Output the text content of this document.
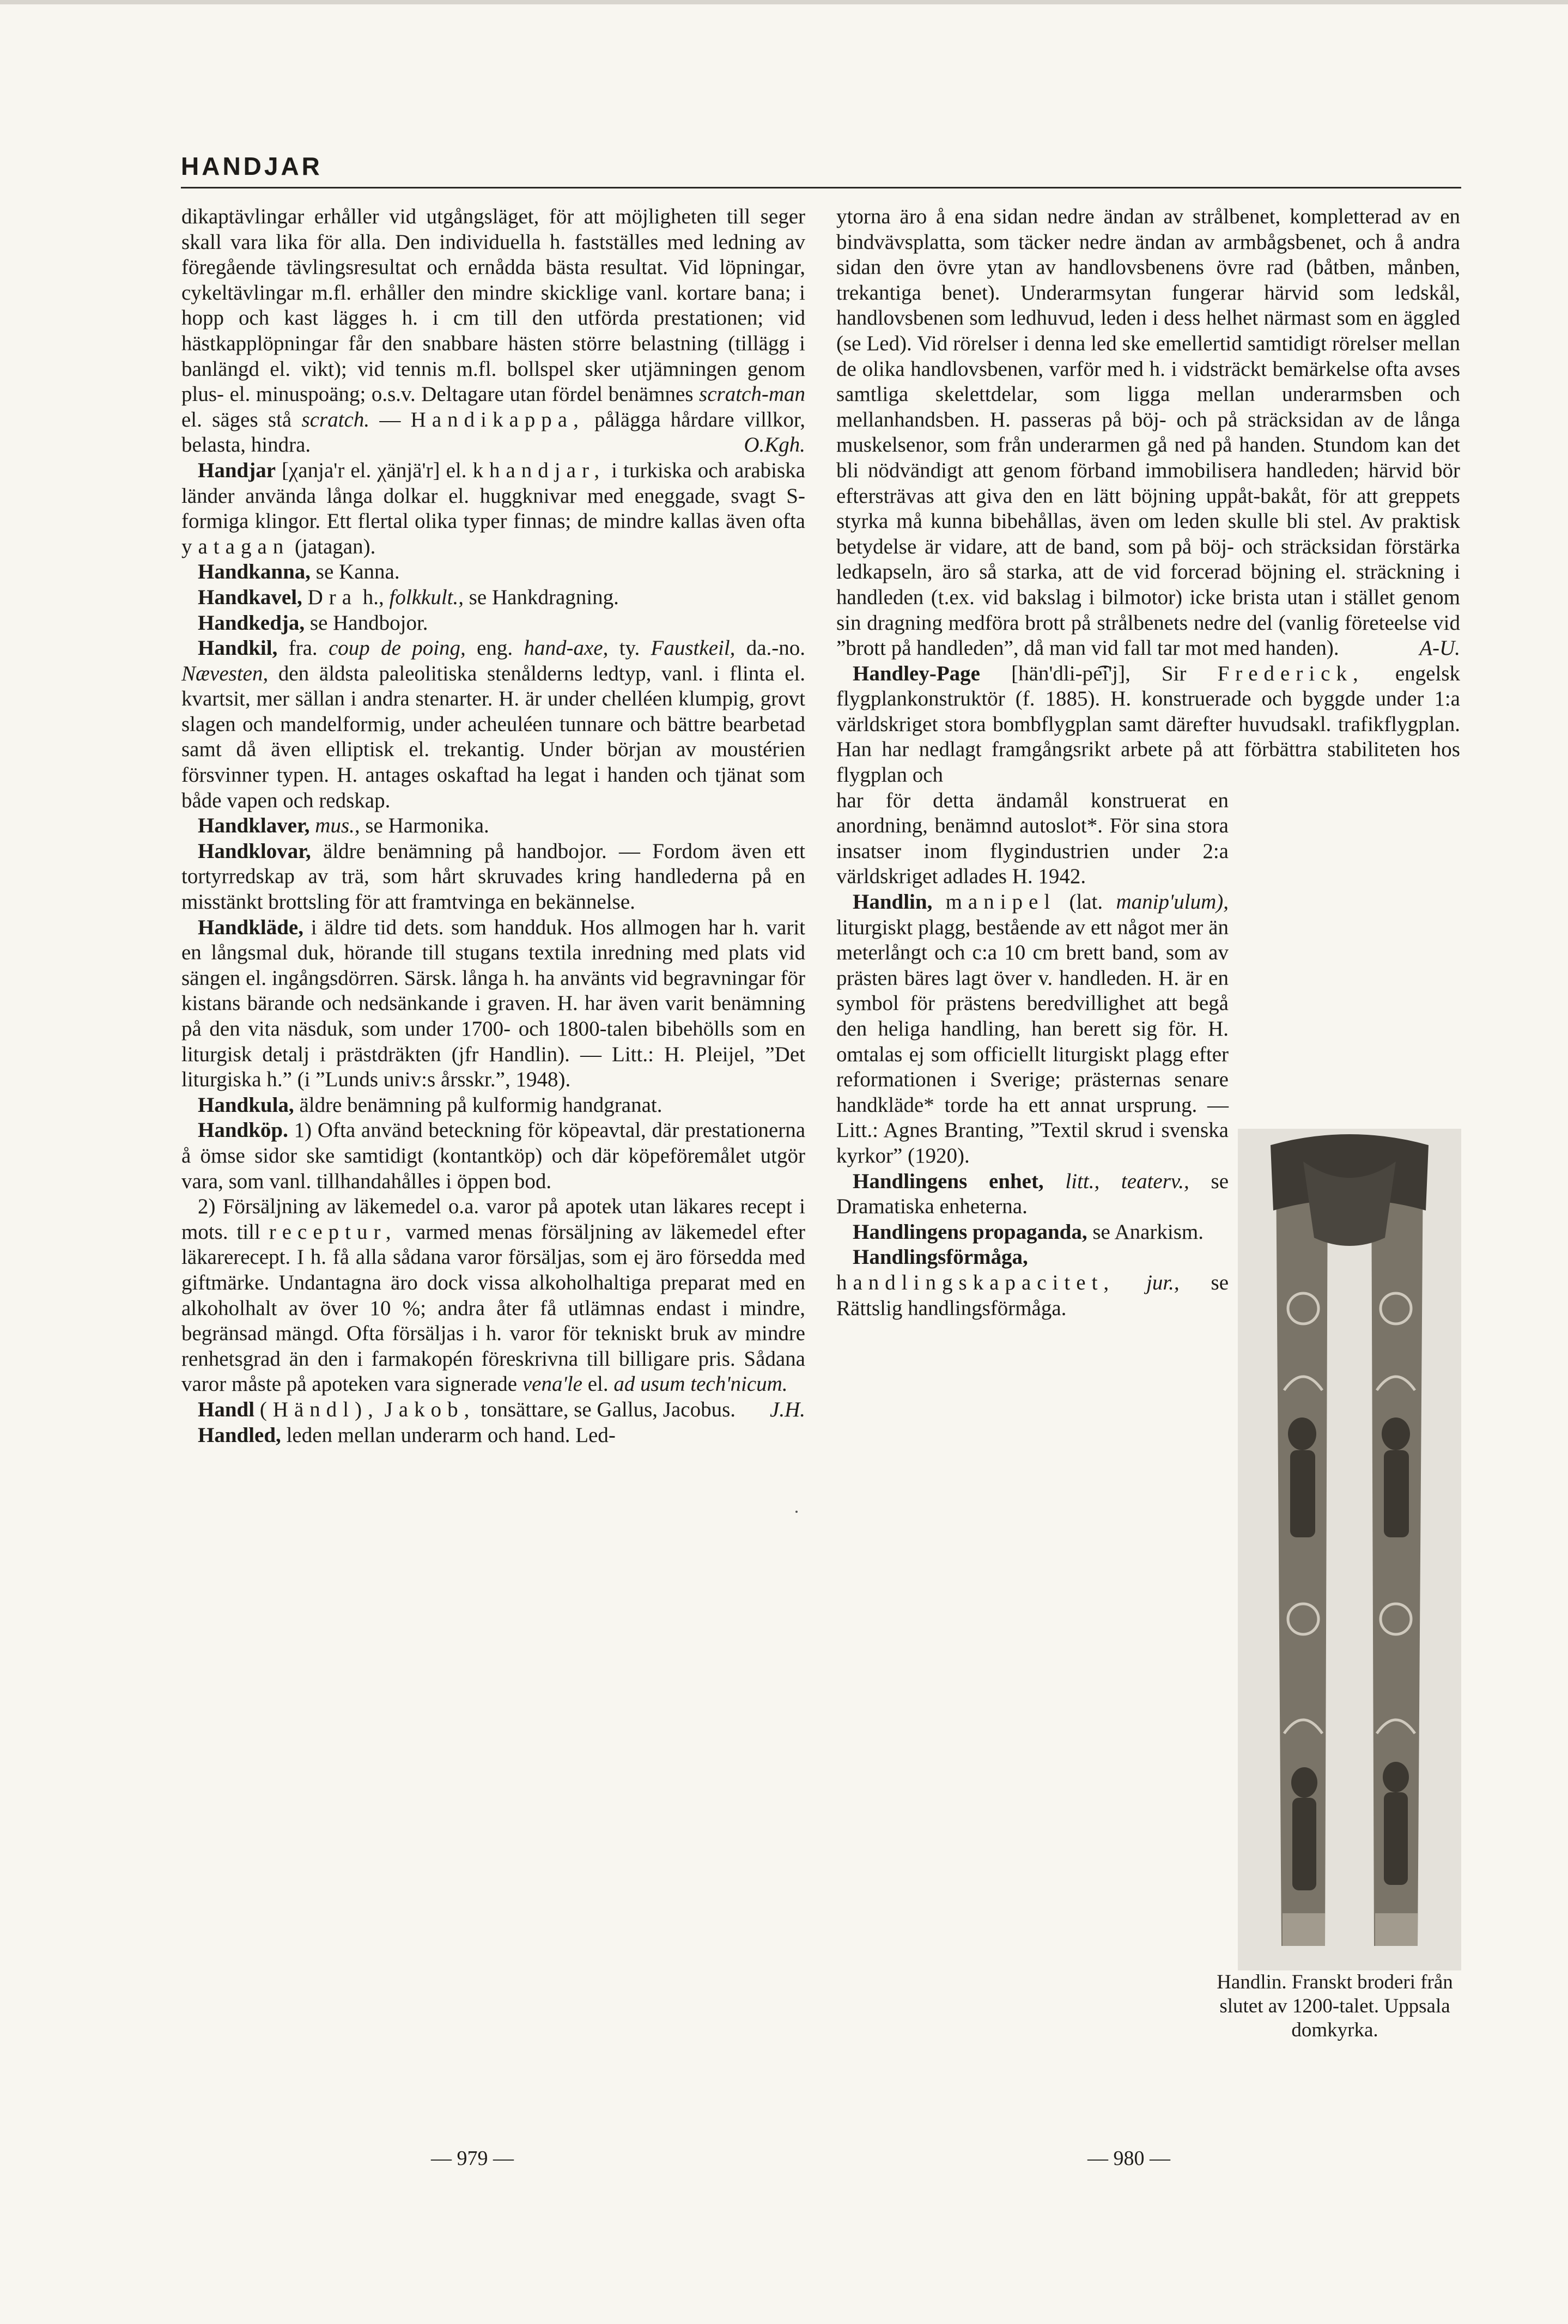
HANDJAR

dikaptävlingar erhåller vid utgångsläget, för att möjligheten till seger skall vara lika för alla. Den individuella h. fastställes med ledning av föregående tävlingsresultat och ernådda bästa resultat. Vid löpningar, cykeltävlingar m.fl. erhåller den mindre skicklige vanl. kortare bana; i hopp och kast lägges h. i cm till den utförda prestationen; vid hästkapplöpningar får den snabbare hästen större belastning (tillägg i banlängd el. vikt); vid tennis m.fl. bollspel sker utjämningen genom plus- el. minuspoäng; o.s.v. Deltagare utan fördel benämnes scratch-man el. säges stå scratch. — Handikappa, pålägga hårdare villkor, belasta, hindra.	O.Kgh.

Handjar [χanja'r el. χänjä'r] el. khandjar, i turkiska och arabiska länder använda långa dolkar el. huggknivar med eneggade, svagt S-formiga klingor. Ett flertal olika typer finnas; de mindre kallas även ofta yatagan (jatagan).

Handkanna, se Kanna.

Handkavel, Dra h., folkkult., se Hankdragning.

Handkedja, se Handbojor.

Handkil, fra. coup de poing, eng. hand-axe, ty. Faustkeil, da.-no. Nævesten, den äldsta paleolitiska stenålderns ledtyp, vanl. i flinta el. kvartsit, mer sällan i andra stenarter. H. är under chelléen klumpig, grovt slagen och mandelformig, under acheuléen tunnare och bättre bearbetad samt då även elliptisk el. trekantig. Under början av moustérien försvinner typen. H. antages oskaftad ha legat i handen och tjänat som både vapen och redskap.

Handklaver, mus., se Harmonika.

Handklovar, äldre benämning på handbojor. — Fordom även ett tortyrredskap av trä, som hårt skruvades kring handlederna på en misstänkt brottsling för att framtvinga en bekännelse.

Handkläde, i äldre tid dets. som handduk. Hos allmogen har h. varit en långsmal duk, hörande till stugans textila inredning med plats vid sängen el. ingångsdörren. Särsk. långa h. ha använts vid begravningar för kistans bärande och nedsänkande i graven. H. har även varit benämning på den vita näsduk, som under 1700- och 1800-talen bibehölls som en liturgisk detalj i prästdräkten (jfr Handlin). — Litt.: H. Pleijel, ”Det liturgiska h.” (i ”Lunds univ:s årsskr.”, 1948).

Handkula, äldre benämning på kulformig handgranat.

Handköp. 1) Ofta använd beteckning för köpeavtal, där prestationerna å ömse sidor ske samtidigt (kontantköp) och där köpeföremålet utgör vara, som vanl. tillhandahålles i öppen bod.

2) Försäljning av läkemedel o.a. varor på apotek utan läkares recept i mots. till receptur, varmed menas försäljning av läkemedel efter läkarerecept. I h. få alla sådana varor försäljas, som ej äro försedda med giftmärke. Undantagna äro dock vissa alkoholhaltiga preparat med en alkoholhalt av över 10 %; andra åter få utlämnas endast i mindre, begränsad mängd. Ofta försäljas i h. varor för tekniskt bruk av mindre renhetsgrad än den i farmakopén föreskrivna till billigare pris. Sådana varor måste på apoteken vara signerade vena'le el. ad usum tech'nicum.
J.H.

Handl (Händl), Jakob, tonsättare, se Gallus, Jacobus.

Handled, leden mellan underarm och hand. Led-

ytorna äro å ena sidan nedre ändan av strålbenet, kompletterad av en bindvävsplatta, som täcker nedre ändan av armbågsbenet, och å andra sidan den övre ytan av handlovsbenens övre rad (båtben, månben, trekantiga benet). Underarmsytan fungerar härvid som ledskål, handlovsbenen som ledhuvud, leden i dess helhet närmast som en äggled (se Led). Vid rörelser i denna led ske emellertid samtidigt rörelser mellan de olika handlovsbenen, varför med h. i vidsträckt bemärkelse ofta avses samtliga skelettdelar, som ligga mellan underarmsben och mellanhandsben. H. passeras på böj- och på sträcksidan av de långa muskelsenor, som från underarmen gå ned på handen. Stundom kan det bli nödvändigt att genom förband immobilisera handleden; härvid bör eftersträvas att giva den en lätt böjning uppåt-bakåt, för att greppets styrka må kunna bibehållas, även om leden skulle bli stel. Av praktisk betydelse är vidare, att de band, som på böj- och sträcksidan förstärka ledkapseln, äro så starka, att de vid forcerad böjning el. sträckning i handleden (t.ex. vid bakslag i bilmotor) icke brista utan i stället genom sin dragning medföra brott på strålbenets nedre del (vanlig företeelse vid ”brott på handleden”, då man vid fall tar mot med handen).	A-U.

Handley-Page [hän'dli-pe͡i'j], Sir Frederick, engelsk flygplankonstruktör (f. 1885). H. konstruerade och byggde under 1:a världskriget stora bombflygplan samt därefter huvudsakl. trafikflygplan. Han har nedlagt framgångsrikt arbete på att förbättra stabiliteten hos flygplan och

har för detta ändamål konstruerat en anordning, benämnd autoslot*. För sina stora insatser inom flygindustrien under 2:a världskriget adlades H. 1942.

Handlin, manipel (lat. manip'ulum), liturgiskt plagg, bestående av ett något mer än meterlångt och c:a 10 cm brett band, som av prästen bäres lagt över v. handleden. H. är en symbol för prästens beredvillighet att begå den heliga handling, han berett sig för. H. omtalas ej som officiellt liturgiskt plagg efter reformationen i Sverige; prästernas senare handkläde* torde ha ett annat ursprung. — Litt.: Agnes Branting, ”Textil skrud i svenska kyrkor” (1920).

Handlingens enhet, litt., teaterv., se Dramatiska enheterna.

Handlingens propaganda, se Anarkism.

Handlingsförmåga, handlingskapacitet, jur., se Rättslig handlingsförmåga.

Handlin. Franskt broderi från slutet av 1200-talet. Uppsala domkyrka.
— 979 —	— 980 —
